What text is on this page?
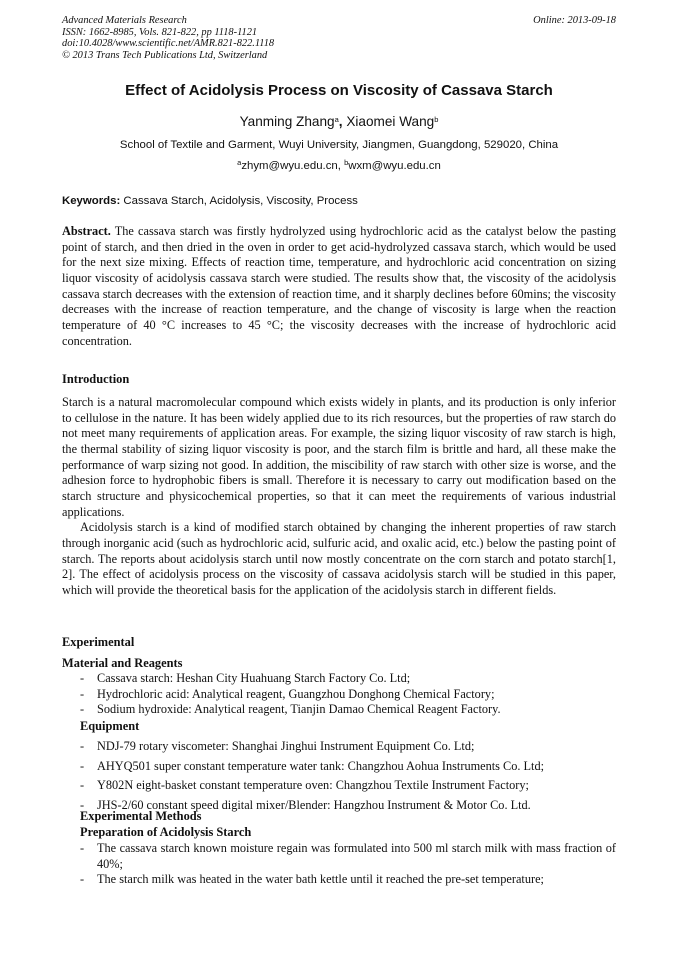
Advanced Materials Research
ISSN: 1662-8985, Vols. 821-822, pp 1118-1121
doi:10.4028/www.scientific.net/AMR.821-822.1118
© 2013 Trans Tech Publications Ltd, Switzerland
Online: 2013-09-18
Effect of Acidolysis Process on Viscosity of Cassava Starch
Yanming Zhang$^a$, Xiaomei Wang$^b$
School of Textile and Garment, Wuyi University, Jiangmen, Guangdong, 529020, China
$^a$zhym@wyu.edu.cn, $^b$wxm@wyu.edu.cn
Keywords: Cassava Starch, Acidolysis, Viscosity, Process
Abstract. The cassava starch was firstly hydrolyzed using hydrochloric acid as the catalyst below the pasting point of starch, and then dried in the oven in order to get acid-hydrolyzed cassava starch, which would be used for the next size mixing. Effects of reaction time, temperature, and hydrochloric acid concentration on sizing liquor viscosity of acidolysis cassava starch were studied. The results show that, the viscosity of the acidolysis cassava starch decreases with the extension of reaction time, and it sharply declines before 60mins; the viscosity decreases with the increase of reaction temperature, and the change of viscosity is large when the reaction temperature of 40 °C increases to 45 °C; the viscosity decreases with the increase of hydrochloric acid concentration.
Introduction

Starch is a natural macromolecular compound which exists widely in plants, and its production is only inferior to cellulose in the nature. It has been widely applied due to its rich resources, but the properties of raw starch do not meet many requirements of application areas. For example, the sizing liquor viscosity of raw starch is high, the thermal stability of sizing liquor viscosity is poor, and the starch film is brittle and hard, all these make the performance of warp sizing not good. In addition, the miscibility of raw starch with other size is worse, and the adhesion force to hydrophobic fibers is small. Therefore it is necessary to carry out modification based on the starch structure and physicochemical properties, so that it can meet the requirements of various industrial applications.

Acidolysis starch is a kind of modified starch obtained by changing the inherent properties of raw starch through inorganic acid (such as hydrochloric acid, sulfuric acid, and oxalic acid, etc.) below the pasting point of starch. The reports about acidolysis starch until now mostly concentrate on the corn starch and potato starch[1, 2]. The effect of acidolysis process on the viscosity of cassava acidolysis starch will be studied in this paper, which will provide the theoretical basis for the application of the acidolysis starch in different fields.

Experimental
Material and Reagents
- Cassava starch: Heshan City Huahuang Starch Factory Co. Ltd;
- Hydrochloric acid: Analytical reagent, Guangzhou Donghong Chemical Factory;
- Sodium hydroxide: Analytical reagent, Tianjin Damao Chemical Reagent Factory.
Equipment
- NDJ-79 rotary viscometer: Shanghai Jinghui Instrument Equipment Co. Ltd;
- AHYQ501 super constant temperature water tank: Changzhou Aohua Instruments Co. Ltd;
- Y802N eight-basket constant temperature oven: Changzhou Textile Instrument Factory;
- JHS-2/60 constant speed digital mixer/Blender: Hangzhou Instrument & Motor Co. Ltd.
Experimental Methods
Preparation of Acidolysis Starch
- The cassava starch known moisture regain was formulated into 500 ml starch milk with mass fraction of 40%;
- The starch milk was heated in the water bath kettle until it reached the pre-set temperature;
